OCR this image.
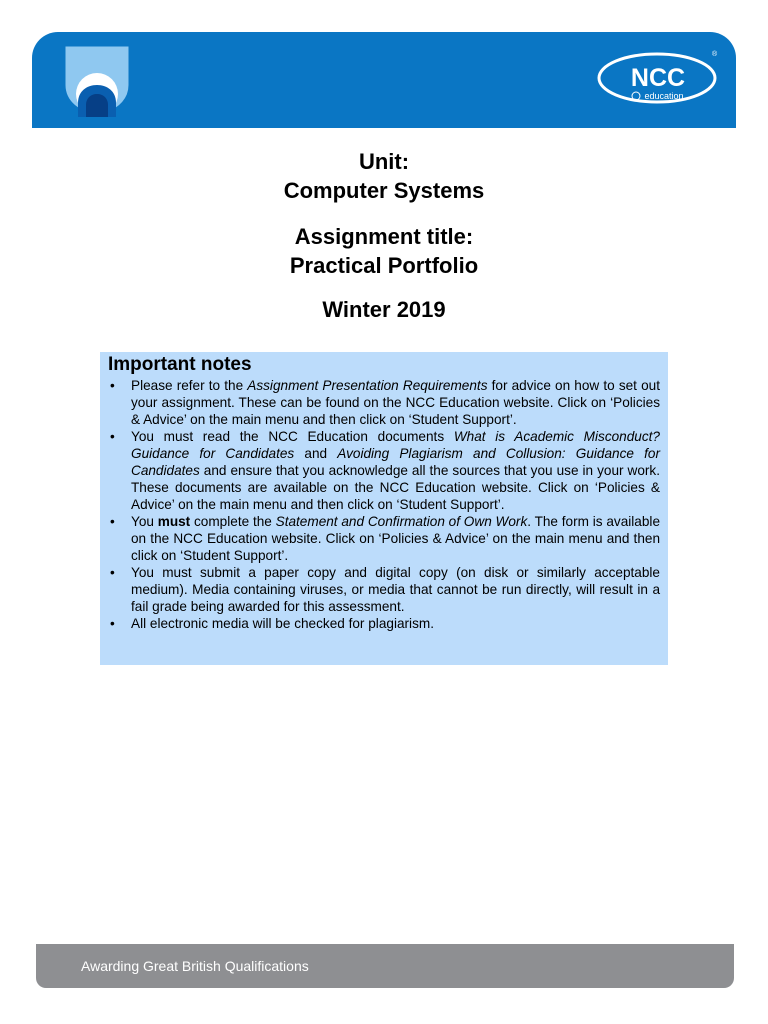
NCC
education
®

Unit:

Computer Systems

Assignment title:

Practical Portfolio

Winter 2019

Important notes

• Please refer to the Assignment Presentation Requirements for advice on how to set out your assignment. These can be found on the NCC Education website. Click on ‘Policies & Advice’ on the main menu and then click on ‘Student Support’.
• You must read the NCC Education documents What is Academic Misconduct? Guidance for Candidates and Avoiding Plagiarism and Collusion: Guidance for Candidates and ensure that you acknowledge all the sources that you use in your work. These documents are available on the NCC Education website. Click on ‘Policies & Advice’ on the main menu and then click on ‘Student Support’.
• You must complete the Statement and Confirmation of Own Work. The form is available on the NCC Education website. Click on ‘Policies & Advice’ on the main menu and then click on ‘Student Support’.
• You must submit a paper copy and digital copy (on disk or similarly acceptable medium). Media containing viruses, or media that cannot be run directly, will result in a fail grade being awarded for this assessment.
• All electronic media will be checked for plagiarism.
Awarding Great British Qualifications
